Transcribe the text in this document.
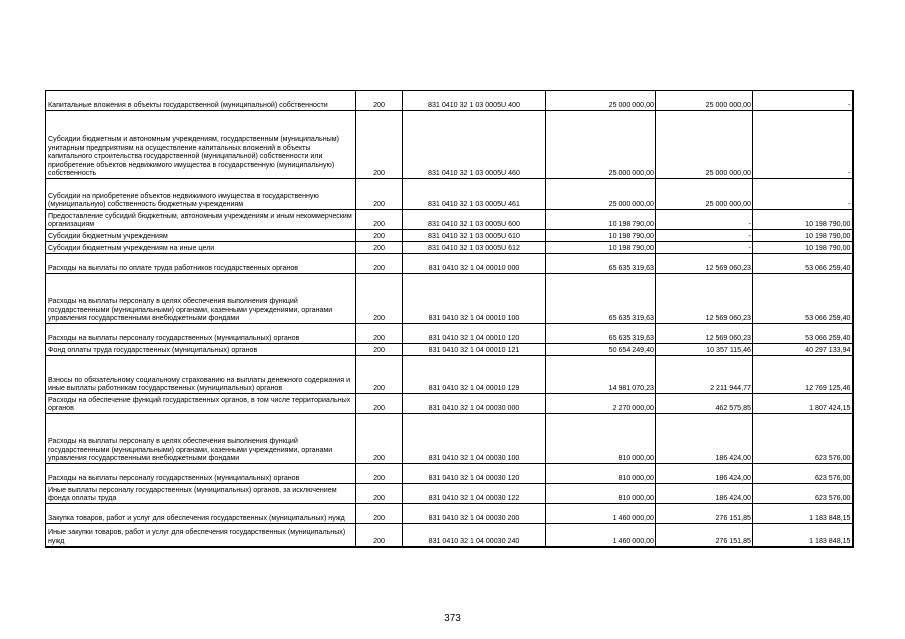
Капитальные вложения в объекты государственной (муниципальной) собственности	200	831 0410 32 1 03 0005U 400	25 000 000,00	25 000 000,00	-
Субсидии бюджетным и автономным учреждениям, государственным (муниципальным) унитарным предприятиям на осуществление капитальных вложений в объекты капитального строительства государственной (муниципальной) собственности или приобретение объектов недвижимого имущества в государственную (муниципальную) собственность	200	831 0410 32 1 03 0005U 460	25 000 000,00	25 000 000,00	-
Субсидии на приобретение объектов недвижимого имущества в государственную (муниципальную) собственность бюджетным учреждениям	200	831 0410 32 1 03 0005U 461	25 000 000,00	25 000 000,00	-
Предоставление субсидий бюджетным, автономным учреждениям и иным некоммерческим организациям	200	831 0410 32 1 03 0005U 600	10 198 790,00	-	10 198 790,00
Субсидии бюджетным учреждениям	200	831 0410 32 1 03 0005U 610	10 198 790,00	-	10 198 790,00
Субсидии бюджетным учреждениям на иные цели	200	831 0410 32 1 03 0005U 612	10 198 790,00	-	10 198 790,00
Расходы на выплаты по оплате труда работников государственных органов	200	831 0410 32 1 04 00010 000	65 635 319,63	12 569 060,23	53 066 259,40
Расходы на выплаты персоналу в целях обеспечения выполнения функций государственными (муниципальными) органами, казенными учреждениями, органами управления государственными внебюджетными фондами	200	831 0410 32 1 04 00010 100	65 635 319,63	12 569 060,23	53 066 259,40
Расходы на выплаты персоналу государственных (муниципальных) органов	200	831 0410 32 1 04 00010 120	65 635 319,63	12 569 060,23	53 066 259,40
Фонд оплаты труда государственных (муниципальных) органов	200	831 0410 32 1 04 00010 121	50 654 249,40	10 357 115,46	40 297 133,94
Взносы по обязательному социальному страхованию на выплаты денежного содержания и иные выплаты работникам государственных (муниципальных) органов	200	831 0410 32 1 04 00010 129	14 981 070,23	2 211 944,77	12 769 125,46
Расходы на обеспечение функций государственных органов, в том числе территориальных органов	200	831 0410 32 1 04 00030 000	2 270 000,00	462 575,85	1 807 424,15
Расходы на выплаты персоналу в целях обеспечения выполнения функций государственными (муниципальными) органами, казенными учреждениями, органами управления государственными внебюджетными фондами	200	831 0410 32 1 04 00030 100	810 000,00	186 424,00	623 576,00
Расходы на выплаты персоналу государственных (муниципальных) органов	200	831 0410 32 1 04 00030 120	810 000,00	186 424,00	623 576,00
Иные выплаты персоналу государственных (муниципальных) органов, за исключением фонда оплаты труда	200	831 0410 32 1 04 00030 122	810 000,00	186 424,00	623 576,00
Закупка товаров, работ и услуг для обеспечения государственных (муниципальных) нужд	200	831 0410 32 1 04 00030 200	1 460 000,00	276 151,85	1 183 848,15
Иные закупки товаров, работ и услуг для обеспечения государственных (муниципальных) нужд	200	831 0410 32 1 04 00030 240	1 460 000,00	276 151,85	1 183 848,15
373
